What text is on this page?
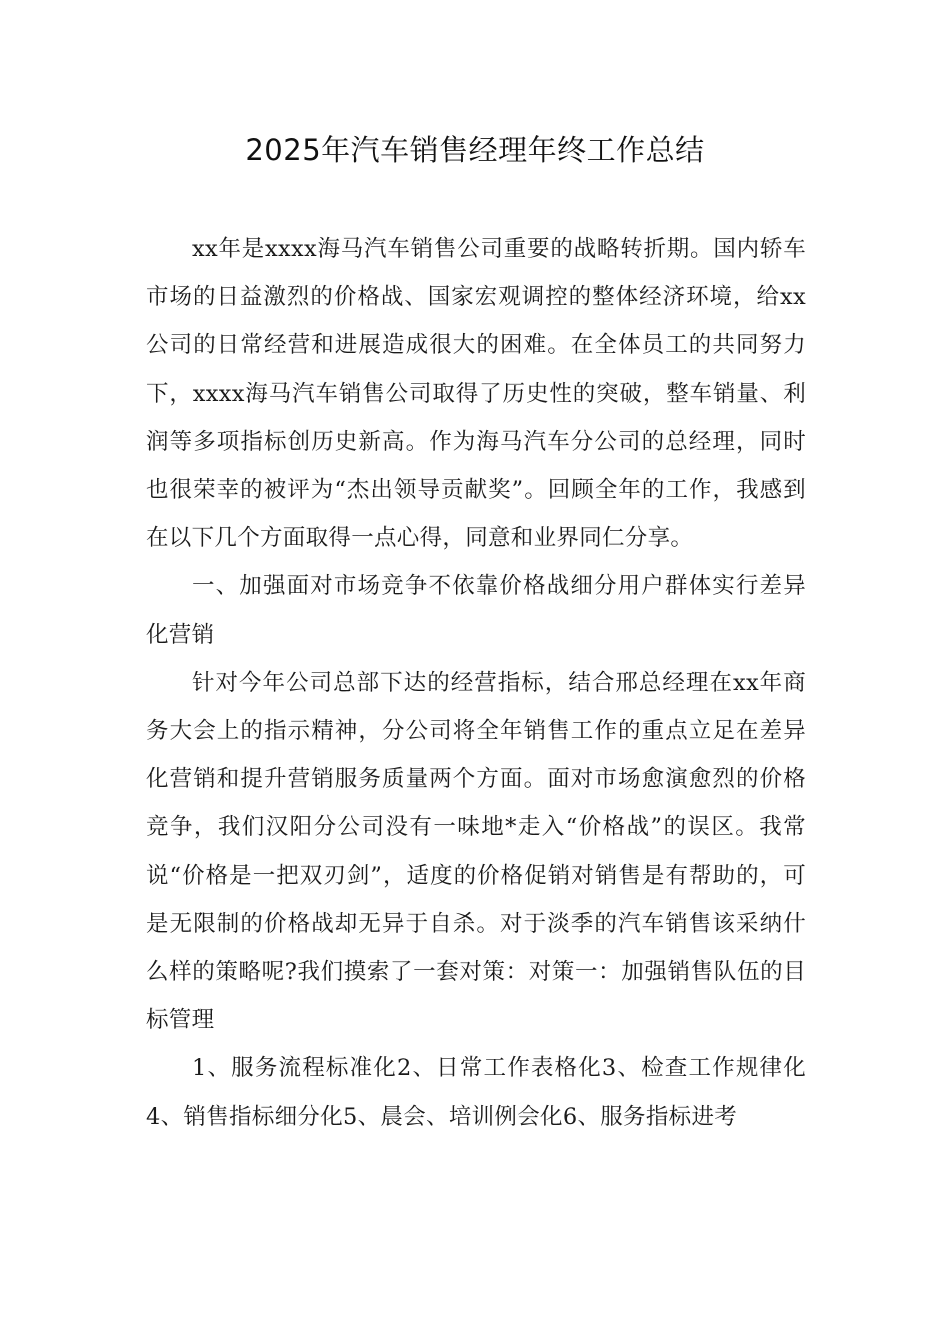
2025年汽车销售经理年终工作总结

xx年是xxxx海马汽车销售公司重要的战略转折期。国内轿车市场的日益激烈的价格战、国家宏观调控的整体经济环境，给xx公司的日常经营和进展造成很大的困难。在全体员工的共同努力下，xxxx海马汽车销售公司取得了历史性的突破，整车销量、利润等多项指标创历史新高。作为海马汽车分公司的总经理，同时也很荣幸的被评为“杰出领导贡献奖”。回顾全年的工作，我感到在以下几个方面取得一点心得，同意和业界同仁分享。

一、加强面对市场竞争不依靠价格战细分用户群体实行差异化营销

针对今年公司总部下达的经营指标，结合邢总经理在xx年商务大会上的指示精神，分公司将全年销售工作的重点立足在差异化营销和提升营销服务质量两个方面。面对市场愈演愈烈的价格竞争，我们汉阳分公司没有一味地*走入“价格战”的误区。我常说“价格是一把双刃剑”，适度的价格促销对销售是有帮助的，可是无限制的价格战却无异于自杀。对于淡季的汽车销售该采纳什么样的策略呢?我们摸索了一套对策：对策一：加强销售队伍的目标管理

1、服务流程标准化2、日常工作表格化3、检查工作规律化4、销售指标细分化5、晨会、培训例会化6、服务指标进考
